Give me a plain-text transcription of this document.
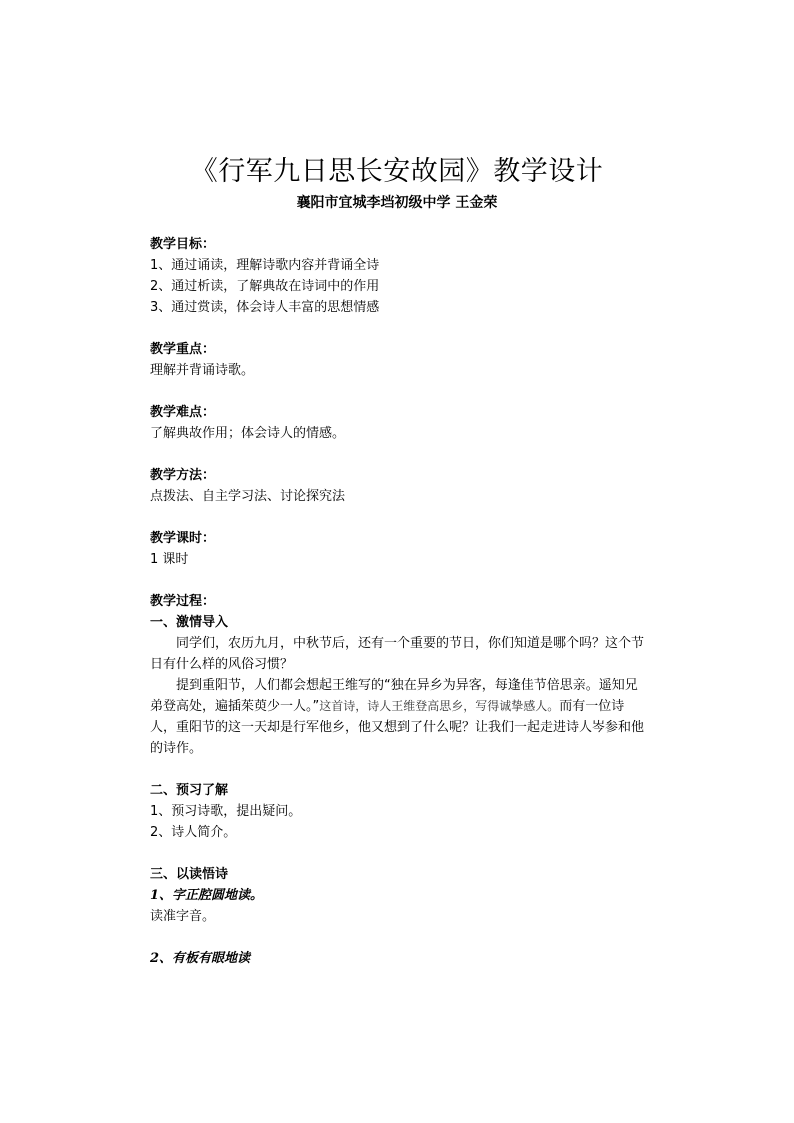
《行军九日思长安故园》教学设计
襄阳市宜城李垱初级中学 王金荣

教学目标：

1、通过诵读，理解诗歌内容并背诵全诗

2、通过析读，了解典故在诗词中的作用

3、通过赏读，体会诗人丰富的思想情感

教学重点：

理解并背诵诗歌。

教学难点：

了解典故作用；体会诗人的情感。

教学方法：

点拨法、自主学习法、讨论探究法

教学课时：

1 课时

教学过程：

一、激情导入

同学们，农历九月，中秋节后，还有一个重要的节日，你们知道是哪个吗？这个节日有什么样的风俗习惯？

提到重阳节，人们都会想起王维写的“独在异乡为异客，每逢佳节倍思亲。遥知兄弟登高处，遍插茱萸少一人。”这首诗，诗人王维登高思乡，写得诚挚感人。而有一位诗人，重阳节的这一天却是行军他乡，他又想到了什么呢？让我们一起走进诗人岑参和他的诗作。

二、预习了解

1、预习诗歌，提出疑问。

2、诗人简介。

三、以读悟诗

1、字正腔圆地读。

读准字音。

2、有板有眼地读
